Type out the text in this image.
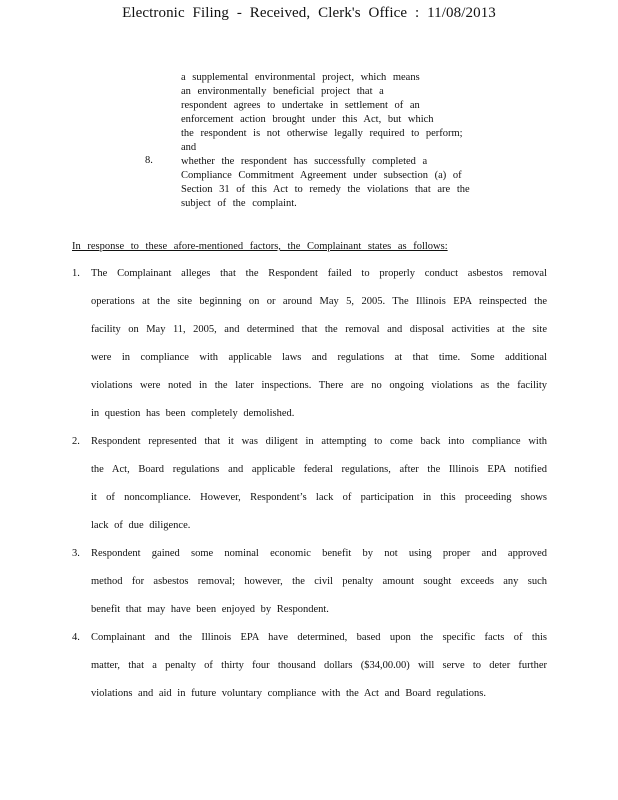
Electronic Filing - Received, Clerk's Office : 11/08/2013
8.
a supplemental environmental project, which means
an environmentally beneficial project that a
respondent agrees to undertake in settlement of an
enforcement action brought under this Act, but which
the respondent is not otherwise legally required to perform;
and
whether the respondent has successfully completed a
Compliance Commitment Agreement under subsection (a) of
Section 31 of this Act to remedy the violations that are the
subject of the complaint.
In response to these afore-mentioned factors, the Complainant states as follows:
1. The Complainant alleges that the Respondent failed to properly conduct asbestos removal
operations at the site beginning on or around May 5, 2005. The Illinois EPA reinspected the
facility on May 11, 2005, and determined that the removal and disposal activities at the site
were in compliance with applicable laws and regulations at that time. Some additional
violations were noted in the later inspections. There are no ongoing violations as the facility
in question has been completely demolished.
2. Respondent represented that it was diligent in attempting to come back into compliance with
the Act, Board regulations and applicable federal regulations, after the Illinois EPA notified
it of noncompliance. However, Respondent’s lack of participation in this proceeding shows
lack of due diligence.
3. Respondent gained some nominal economic benefit by not using proper and approved
method for asbestos removal; however, the civil penalty amount sought exceeds any such
benefit that may have been enjoyed by Respondent.
4. Complainant and the Illinois EPA have determined, based upon the specific facts of this
matter, that a penalty of thirty four thousand dollars ($34,00.00) will serve to deter further
violations and aid in future voluntary compliance with the Act and Board regulations.
